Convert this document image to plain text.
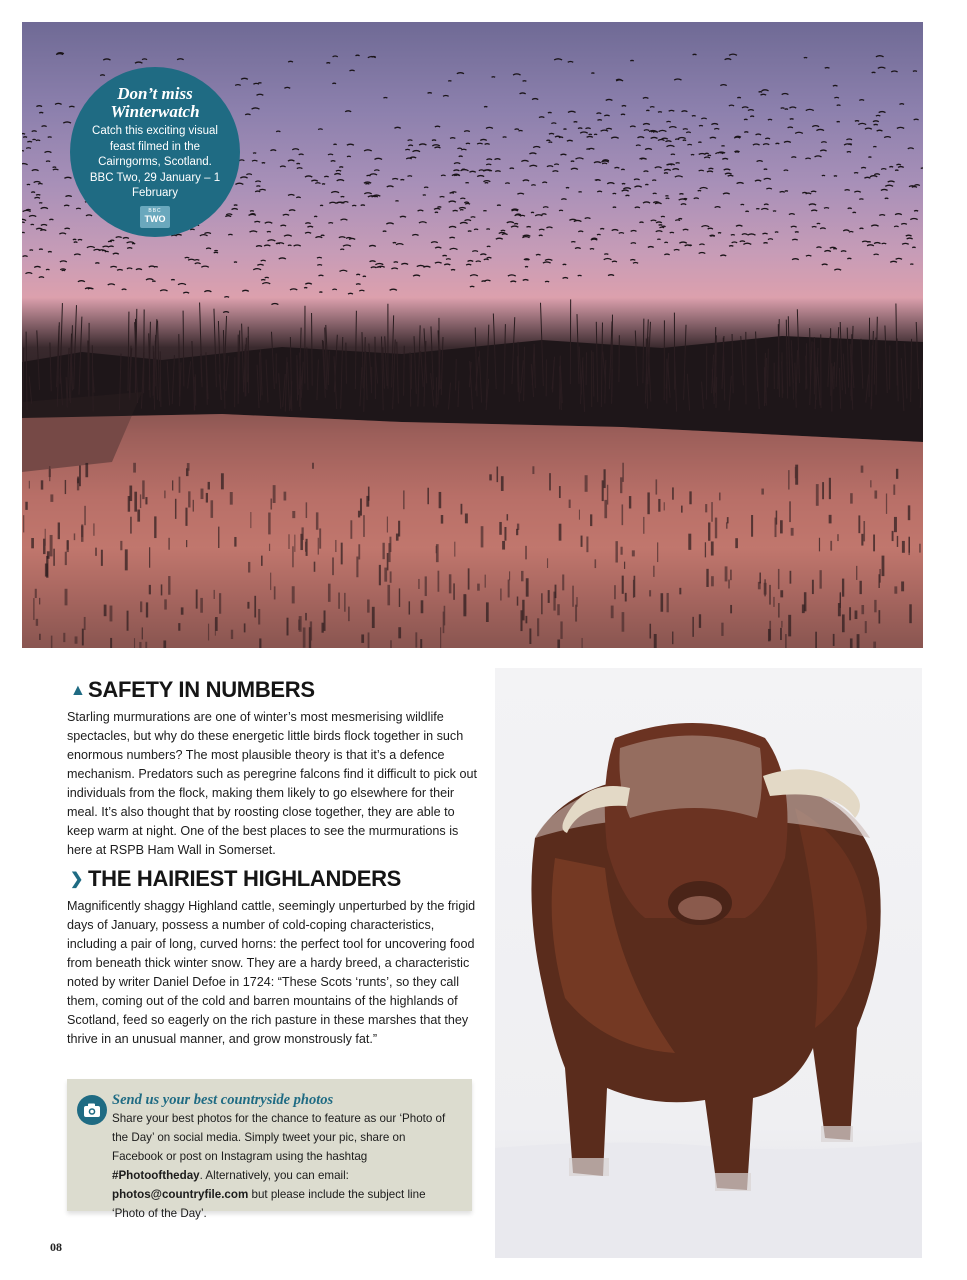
Don’t miss Winterwatch
Catch this exciting visual feast filmed in the Cairngorms, Scotland. BBC Two, 29 January – 1 February
BBC
TWO
▲ SAFETY IN NUMBERS

Starling murmurations are one of winter’s most mesmerising wildlife spectacles, but why do these energetic little birds flock together in such enormous numbers? The most plausible theory is that it’s a defence mechanism. Predators such as peregrine falcons find it difficult to pick out individuals from the flock, making them likely to go elsewhere for their meal. It’s also thought that by roosting close together, they are able to keep warm at night. One of the best places to see the murmurations is here at RSPB Ham Wall in Somerset.

❯ THE HAIRIEST HIGHLANDERS

Magnificently shaggy Highland cattle, seemingly unperturbed by the frigid days of January, possess a number of cold-coping characteristics, including a pair of long, curved horns: the perfect tool for uncovering food from beneath thick winter snow. They are a hardy breed, a characteristic noted by writer Daniel Defoe in 1724: “These Scots ‘runts’, so they call them, coming out of the cold and barren mountains of the highlands of Scotland, feed so eagerly on the rich pasture in these marshes that they thrive in an unusual manner, and grow monstrously fat.”

Send us your best countryside photos
Share your best photos for the chance to feature as our ‘Photo of the Day’ on social media. Simply tweet your pic, share on Facebook or post on Instagram using the hashtag #Photooftheday. Alternatively, you can email: photos@countryfile.com but please include the subject line ‘Photo of the Day’.
08
